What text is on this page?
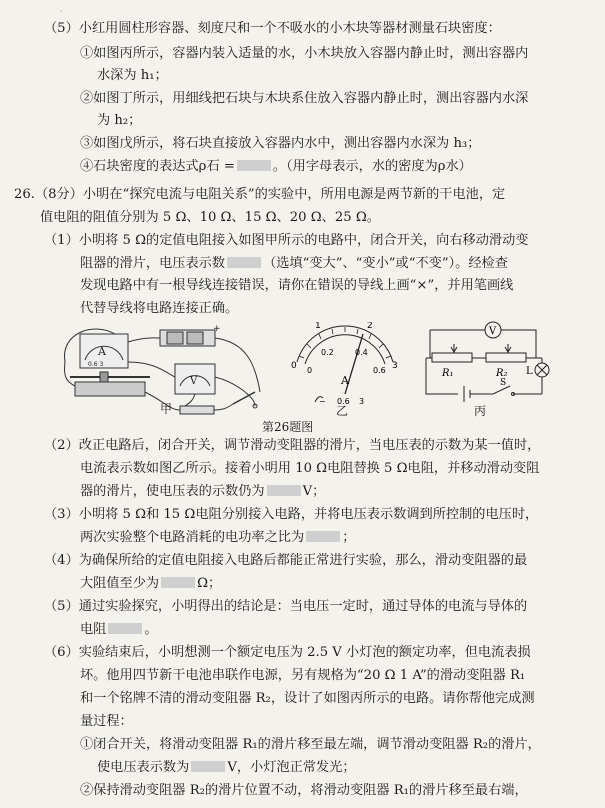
·
（5）小红用圆柱形容器、刻度尺和一个不吸水的小木块等器材测量石块密度：
①如图丙所示，容器内装入适量的水，小木块放入容器内静止时，测出容器内
水深为 h₁；
②如图丁所示，用细线把石块与木块系住放入容器内静止时，测出容器内水深
为 h₂；
③如图戊所示，将石块直接放入容器内水中，测出容器内水深为 h₃；
④石块密度的表达式ρ石 =	。（用字母表示，水的密度为ρ水）
26.（8分）小明在“探究电流与电阻关系”的实验中，所用电源是两节新的干电池，定
值电阻的阻值分别为 5 Ω、10 Ω、15 Ω、20 Ω、25 Ω。
（1）小明将 5 Ω的定值电阻接入如图甲所示的电路中，闭合开关，向右移动滑动变
阻器的滑片，电压表示数	（选填“变大”、“变小”或“不变”）。经检查
发现电路中有一根导线连接错误，请你在错误的导线上画“×”，并用笔画线
代替导线将电路连接正确。
A
V
0.6 3
+
甲
0
1	2
3
0
0.2	0.4
0.6
A
− 0.6 3
乙
V
R₁	R₂ L
S
丙
第26题图
（2）改正电路后，闭合开关，调节滑动变阻器的滑片，当电压表的示数为某一值时，
电流表示数如图乙所示。接着小明用 10 Ω电阻替换 5 Ω电阻，并移动滑动变阻
器的滑片，使电压表的示数仍为	V；
（3）小明将 5 Ω和 15 Ω电阻分别接入电路，并将电压表示数调到所控制的电压时，
两次实验整个电路消耗的电功率之比为	；
（4）为确保所给的定值电阻接入电路后都能正常进行实验，那么，滑动变阻器的最
大阻值至少为	Ω；
（5）通过实验探究，小明得出的结论是：当电压一定时，通过导体的电流与导体的
电阻	。
（6）实验结束后，小明想测一个额定电压为 2.5 V 小灯泡的额定功率，但电流表损
坏。他用四节新干电池串联作电源，另有规格为“20 Ω 1 A”的滑动变阻器 R₁
和一个铭牌不清的滑动变阻器 R₂，设计了如图丙所示的电路。请你帮他完成测
量过程：
①闭合开关，将滑动变阻器 R₁的滑片移至最左端，调节滑动变阻器 R₂的滑片，
使电压表示数为	V，小灯泡正常发光；
②保持滑动变阻器 R₂的滑片位置不动，将滑动变阻器 R₁的滑片移至最右端，
